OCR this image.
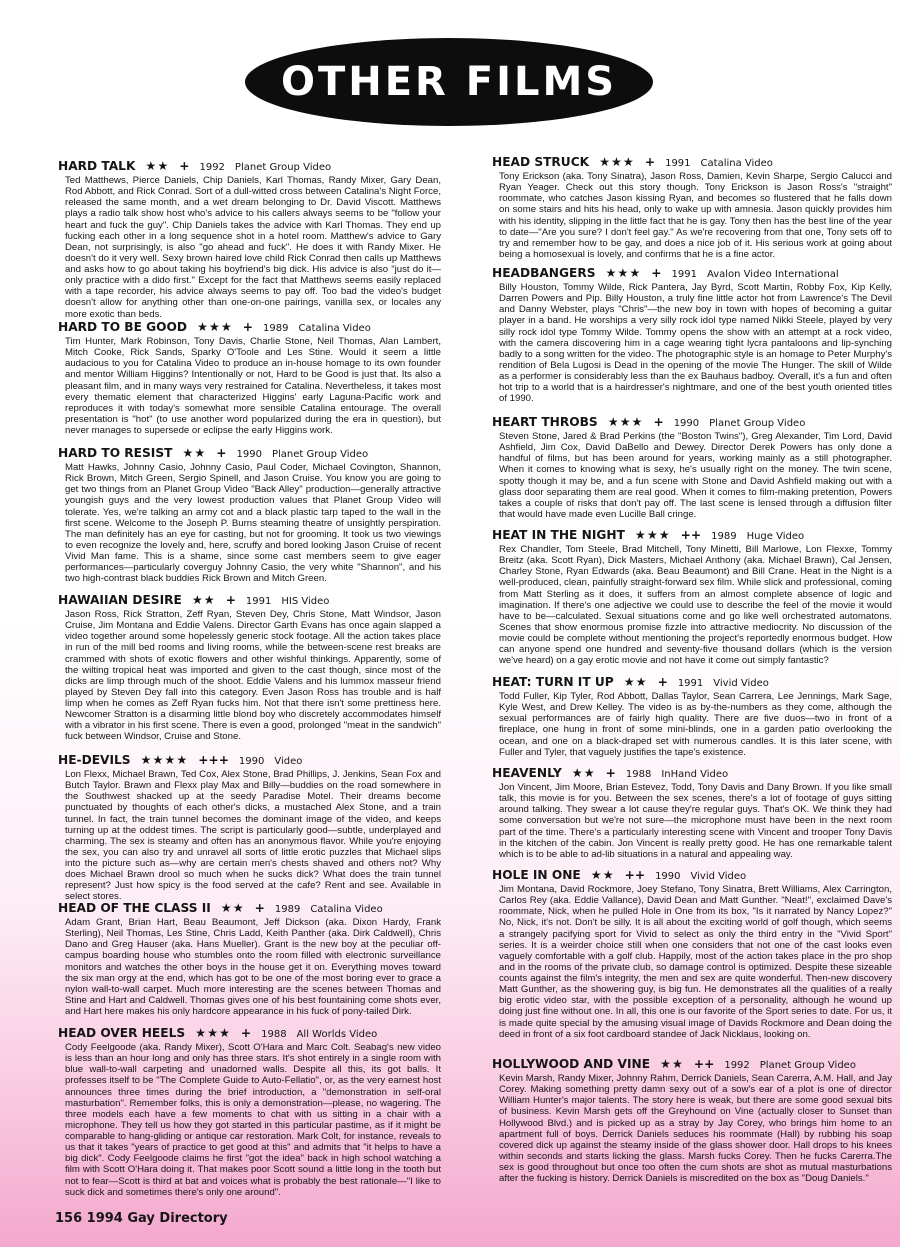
OTHER FILMS
HARD TALK ★★ + 1992 Planet Group Video
Ted Matthews, Pierce Daniels, Chip Daniels, Karl Thomas, Randy Mixer, Gary Dean, Rod Abbott, and Rick Conrad. Sort of a dull-witted cross between Catalina's Night Force, released the same month, and a wet dream belonging to Dr. David Viscott. Matthews plays a radio talk show host who's advice to his callers always seems to be "follow your heart and fuck the guy". Chip Daniels takes the advice with Karl Thomas. They end up fucking each other in a long sequence shot in a hotel room. Matthew's advice to Gary Dean, not surprisingly, is also "go ahead and fuck". He does it with Randy Mixer. He doesn't do it very well. Sexy brown haired love child Rick Conrad then calls up Matthews and asks how to go about taking his boyfriend's big dick. His advice is also "just do it—only practice with a dido first." Except for the fact that Matthews seems easily replaced with a tape recorder, his advice always seems to pay off. Too bad the video's budget doesn't allow for anything other than one-on-one pairings, vanilla sex, or locales any more exotic than beds.
HARD TO BE GOOD ★★★ + 1989 Catalina Video
Tim Hunter, Mark Robinson, Tony Davis, Charlie Stone, Neil Thomas, Alan Lambert, Mitch Cooke, Rick Sands, Sparky O'Toole and Les Stine. Would it seem a little audacious to you for Catalina Video to produce an in-house homage to its own founder and mentor William Higgins? Intentionally or not, Hard to be Good is just that. Its also a pleasant film, and in many ways very restrained for Catalina. Nevertheless, it takes most every thematic element that characterized Higgins' early Laguna-Pacific work and reproduces it with today's somewhat more sensible Catalina entourage. The overall presentation is "hot" (to use another word popularized during the era in question), but never manages to supersede or eclipse the early Higgins work.
HARD TO RESIST ★★ + 1990 Planet Group Video
Matt Hawks, Johnny Casio, Johnny Casio, Paul Coder, Michael Covington, Shannon, Rick Brown, Mitch Green, Sergio Spinell, and Jason Cruise. You know you are going to get two things from an Planet Group Video "Back Alley" production—generally attractive youngish guys and the very lowest production values that Planet Group Video will tolerate. Yes, we're talking an army cot and a black plastic tarp taped to the wall in the first scene. Welcome to the Joseph P. Burns steaming theatre of unsightly perspiration. The man definitely has an eye for casting, but not for grooming. It took us two viewings to even recognize the lovely and, here, scruffy and bored looking Jason Cruise of recent Vivid Man fame. This is a shame, since some cast members seem to give eager performances—particularly coverguy Johnny Casio, the very white "Shannon", and his two high-contrast black buddies Rick Brown and Mitch Green.
HAWAIIAN DESIRE ★★ + 1991 HIS Video
Jason Ross, Rick Stratton, Zeff Ryan, Steven Dey, Chris Stone, Matt Windsor, Jason Cruise, Jim Montana and Eddie Valens. Director Garth Evans has once again slapped a video together around some hopelessly generic stock footage. All the action takes place in run of the mill bed rooms and living rooms, while the between-scene rest breaks are crammed with shots of exotic flowers and other wishful thinkings. Apparently, some of the wilting tropical heat was imported and given to the cast though, since most of the dicks are limp through much of the shoot. Eddie Valens and his lummox masseur friend played by Steven Dey fall into this category. Even Jason Ross has trouble and is half limp when he comes as Zeff Ryan fucks him. Not that there isn't some prettiness here. Newcomer Stratton is a disarming little blond boy who discretely accommodates himself with a vibrator in his first scene. There is even a good, prolonged "meat in the sandwich" fuck between Windsor, Cruise and Stone.
HE-DEVILS ★★★★ +++ 1990 Video
Lon Flexx, Michael Brawn, Ted Cox, Alex Stone, Brad Phillips, J. Jenkins, Sean Fox and Butch Taylor. Brawn and Flexx play Max and Billy—buddies on the road somewhere in the Southwest shacked up at the seedy Paradise Motel. Their dreams become punctuated by thoughts of each other's dicks, a mustached Alex Stone, and a train tunnel. In fact, the train tunnel becomes the dominant image of the video, and keeps turning up at the oddest times. The script is particularly good—subtle, underplayed and charming. The sex is steamy and often has an anonymous flavor. While you're enjoying the sex, you can also try and unravel all sorts of little erotic puzzles that Michael slips into the picture such as—why are certain men's chests shaved and others not? Why does Michael Brawn drool so much when he sucks dick? What does the train tunnel represent? Just how spicy is the food served at the cafe? Rent and see. Available in select stores.
HEAD OF THE CLASS II ★★ + 1989 Catalina Video
Adam Grant, Brian Hart, Beau Beaumont, Jeff Dickson (aka. Dixon Hardy, Frank Sterling), Neil Thomas, Les Stine, Chris Ladd, Keith Panther (aka. Dirk Caldwell), Chris Dano and Greg Hauser (aka. Hans Mueller). Grant is the new boy at the peculiar off-campus boarding house who stumbles onto the room filled with electronic surveillance monitors and watches the other boys in the house get it on. Everything moves toward the six man orgy at the end, which has got to be one of the most boring ever to grace a nylon wall-to-wall carpet. Much more interesting are the scenes between Thomas and Stine and Hart and Caldwell. Thomas gives one of his best fountaining come shots ever, and Hart here makes his only hardcore appearance in his fuck of pony-tailed Dirk.
HEAD OVER HEELS ★★★ + 1988 All Worlds Video
Cody Feelgoode (aka. Randy Mixer), Scott O'Hara and Marc Colt. Seabag's new video is less than an hour long and only has three stars. It's shot entirely in a single room with blue wall-to-wall carpeting and unadorned walls. Despite all this, its got balls. It professes itself to be "The Complete Guide to Auto-Fellatio", or, as the very earnest host announces three times during the brief introduction, a "demonstration in self-oral masturbation". Remember folks, this is only a demonstration—please, no wagering. The three models each have a few moments to chat with us sitting in a chair with a microphone. They tell us how they got started in this particular pastime, as if it might be comparable to hang-gliding or antique car restoration. Mark Colt, for instance, reveals to us that it takes "years of practice to get good at this" and admits that "it helps to have a big dick". Cody Feelgoode claims he first "got the idea" back in high school watching a film with Scott O'Hara doing it. That makes poor Scott sound a little long in the tooth but not to fear—Scott is third at bat and voices what is probably the best rationale—"I like to suck dick and sometimes there's only one around".
HEAD STRUCK ★★★ + 1991 Catalina Video
Tony Erickson (aka. Tony Sinatra), Jason Ross, Damien, Kevin Sharpe, Sergio Calucci and Ryan Yeager. Check out this story though. Tony Erickson is Jason Ross's "straight" roommate, who catches Jason kissing Ryan, and becomes so flustered that he falls down on some stairs and hits his head, only to wake up with amnesia. Jason quickly provides him with his identity, slipping in the little fact that he is gay. Tony then has the best line of the year to date—"Are you sure? I don't feel gay." As we're recovering from that one, Tony sets off to try and remember how to be gay, and does a nice job of it. His serious work at going about being a homosexual is lovely, and confirms that he is a fine actor.
HEADBANGERS ★★★ + 1991 Avalon Video International
Billy Houston, Tommy Wilde, Rick Pantera, Jay Byrd, Scott Martin, Robby Fox, Kip Kelly, Darren Powers and Pip. Billy Houston, a truly fine little actor hot from Lawrence's The Devil and Danny Webster, plays "Chris"—the new boy in town with hopes of becoming a guitar player in a band. He worships a very silly rock idol type named Nikki Steele, played by very silly rock idol type Tommy Wilde. Tommy opens the show with an attempt at a rock video, with the camera discovering him in a cage wearing tight lycra pantaloons and lip-synching badly to a song written for the video. The photographic style is an homage to Peter Murphy's rendition of Bela Lugosi is Dead in the opening of the movie The Hunger. The skill of Wilde as a performer is considerably less than the ex Bauhaus badboy. Overall, it's a fun and often hot trip to a world that is a hairdresser's nightmare, and one of the best youth oriented titles of 1990.
HEART THROBS ★★★ + 1990 Planet Group Video
Steven Stone, Jared & Brad Perkins (the "Boston Twins"), Greg Alexander, Tim Lord, David Ashfield, Jim Cox, David DaBello and Dewey. Director Derek Powers has only done a handful of films, but has been around for years, working mainly as a still photographer. When it comes to knowing what is sexy, he's usually right on the money. The twin scene, spotty though it may be, and a fun scene with Stone and David Ashfield making out with a glass door separating them are real good. When it comes to film-making pretention, Powers takes a couple of risks that don't pay off. The last scene is lensed through a diffusion filter that would have made even Lucille Ball cringe.
HEAT IN THE NIGHT ★★★ ++ 1989 Huge Video
Rex Chandler, Tom Steele, Brad Mitchell, Tony Minetti, Bill Marlowe, Lon Flexxe, Tommy Breitz (aka. Scott Ryan), Dick Masters, Michael Anthony (aka. Michael Brawn), Cal Jensen, Charley Stone, Ryan Edwards (aka. Beau Beaumont) and Bill Crane. Heat in the Night is a well-produced, clean, painfully straight-forward sex film. While slick and professional, coming from Matt Sterling as it does, it suffers from an almost complete absence of logic and imagination. If there's one adjective we could use to describe the feel of the movie it would have to be—calculated. Sexual situations come and go like well orchestrated automatons. Scenes that show enormous promise fizzle into attractive mediocrity. No discussion of the movie could be complete without mentioning the project's reportedly enormous budget. How can anyone spend one hundred and seventy-five thousand dollars (which is the version we've heard) on a gay erotic movie and not have it come out simply fantastic?
HEAT: TURN IT UP ★★ + 1991 Vivid Video
Todd Fuller, Kip Tyler, Rod Abbott, Dallas Taylor, Sean Carrera, Lee Jennings, Mark Sage, Kyle West, and Drew Kelley. The video is as by-the-numbers as they come, although the sexual performances are of fairly high quality. There are five duos—two in front of a fireplace, one hung in front of some mini-blinds, one in a garden patio overlooking the ocean, and one on a black-draped set with numerous candles. It is this later scene, with Fuller and Tyler, that vaguely justifies the tape's existence.
HEAVENLY ★★ + 1988 InHand Video
Jon Vincent, Jim Moore, Brian Estevez, Todd, Tony Davis and Dany Brown. If you like small talk, this movie is for you. Between the sex scenes, there's a lot of footage of guys sitting around talking. They swear a lot cause they're regular guys. That's OK. We think they had some conversation but we're not sure—the microphone must have been in the next room part of the time. There's a particularly interesting scene with Vincent and trooper Tony Davis in the kitchen of the cabin. Jon Vincent is really pretty good. He has one remarkable talent which is to be able to ad-lib situations in a natural and appealing way.
HOLE IN ONE ★★ ++ 1990 Vivid Video
Jim Montana, David Rockmore, Joey Stefano, Tony Sinatra, Brett Williams, Alex Carrington, Carlos Rey (aka. Eddie Vallance), David Dean and Matt Gunther. "Neat!", exclaimed Dave's roommate, Nick, when he pulled Hole in One from its box, "Is it narrated by Nancy Lopez?" No, Nick, it's not. Don't be silly. It is all about the exciting world of golf though, which seems a strangely pacifying sport for Vivid to select as only the third entry in the "Vivid Sport" series. It is a weirder choice still when one considers that not one of the cast looks even vaguely comfortable with a golf club. Happily, most of the action takes place in the pro shop and in the rooms of the private club, so damage control is optimized. Despite these sizeable counts against the film's integrity, the men and sex are quite wonderful. Then-new discovery Matt Gunther, as the showering guy, is big fun. He demonstrates all the qualities of a really big erotic video star, with the possible exception of a personality, although he wound up doing just fine without one. In all, this one is our favorite of the Sport series to date. For us, it is made quite special by the amusing visual image of Davids Rockmore and Dean doing the deed in front of a six foot cardboard standee of Jack Nicklaus, looking on.
HOLLYWOOD AND VINE ★★ ++ 1992 Planet Group Video
Kevin Marsh, Randy Mixer, Johnny Rahm, Derrick Daniels, Sean Carerra, A.M. Hall, and Jay Corey. Making something pretty damn sexy out of a sow's ear of a plot is one of director William Hunter's major talents. The story here is weak, but there are some good sexual bits of business. Kevin Marsh gets off the Greyhound on Vine (actually closer to Sunset than Hollywood Blvd.) and is picked up as a stray by Jay Corey, who brings him home to an apartment full of boys. Derrick Daniels seduces his roommate (Hall) by rubbing his soap covered dick up against the steamy inside of the glass shower door. Hall drops to his knees within seconds and starts licking the glass. Marsh fucks Corey. Then he fucks Carerra.The sex is good throughout but once too often the cum shots are shot as mutual masturbations after the fucking is history. Derrick Daniels is miscredited on the box as "Doug Daniels."
156 1994 Gay Directory
